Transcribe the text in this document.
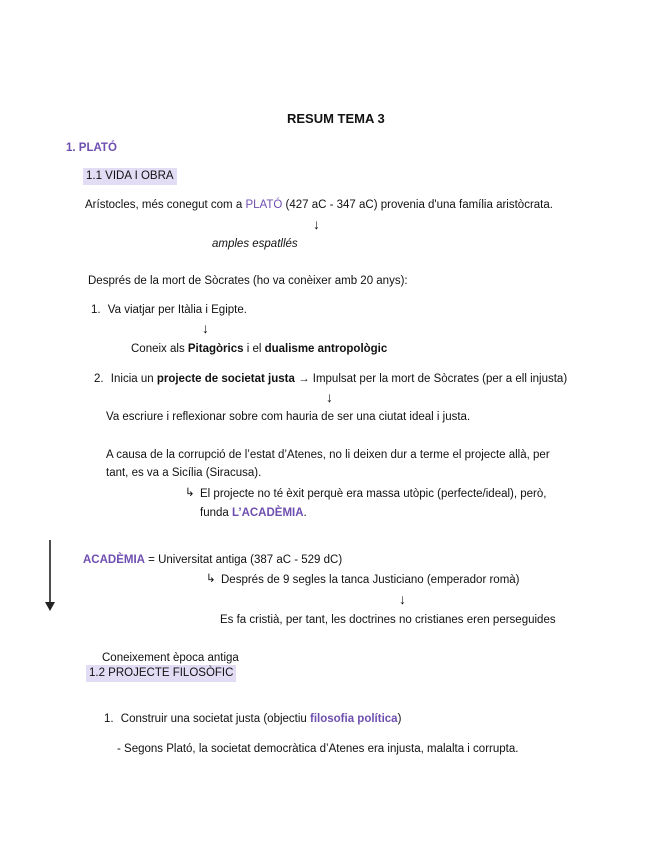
RESUM TEMA 3
1. PLATÓ
1.1 VIDA I OBRA
Arístocles, més conegut com a PLATÓ (427 aC - 347 aC) provenia d'una família aristòcrata.
↓
amples espatllés
Després de la mort de Sòcrates (ho va conèixer amb 20 anys):
1. Va viatjar per Itàlia i Egipte.
↓
Coneix als Pitagòrics i el dualisme antropològic
2. Inicia un projecte de societat justa → Impulsat per la mort de Sòcrates (per a ell injusta)
↓
Va escriure i reflexionar sobre com hauria de ser una ciutat ideal i justa.
A causa de la corrupció de l’estat d’Atenes, no li deixen dur a terme el projecte allà, per
tant, es va a Sicília (Siracusa).
↳ El projecte no té èxit perquè era massa utòpic (perfecte/ideal), però,
funda L’ACADÈMIA.
ACADÈMIA = Universitat antiga (387 aC - 529 dC)
↳ Després de 9 segles la tanca Justiciano (emperador romà)
↓
Es fa cristià, per tant, les doctrines no cristianes eren perseguides
Coneixement època antiga
1.2 PROJECTE FILOSÒFIC
1. Construir una societat justa (objectiu filosofia política)
- Segons Plató, la societat democràtica d’Atenes era injusta, malalta i corrupta.
